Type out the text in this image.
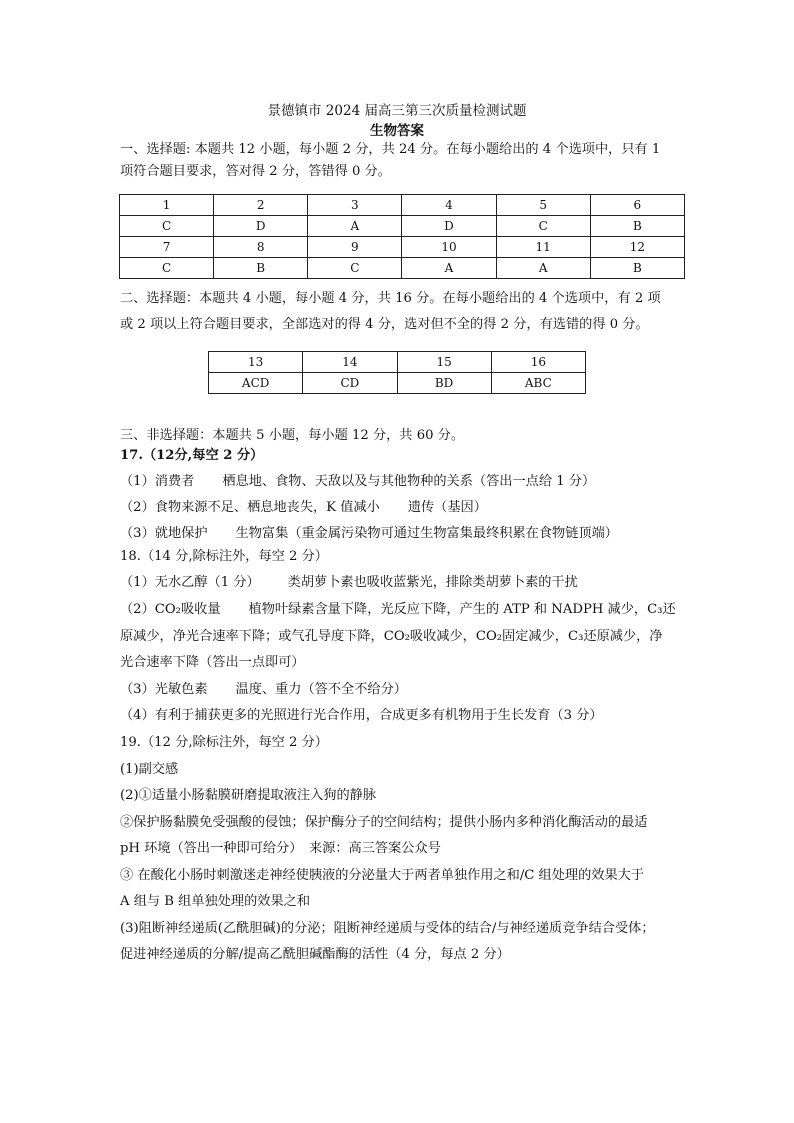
景德镇市 2024 届高三第三次质量检测试题
生物答案
一、选择题: 本题共 12 小题，每小题 2 分，共 24 分。在每小题给出的 4 个选项中，只有 1
项符合题目要求，答对得 2 分，答错得 0 分。
1	2	3	4	5	6
C	D	A	D	C	B
7	8	9	10	11	12
C	B	C	A	A	B
二、选择题：本题共 4 小题，每小题 4 分，共 16 分。在每小题给出的 4 个选项中，有 2 项
或 2 项以上符合题目要求，全部选对的得 4 分，选对但不全的得 2 分，有选错的得 0 分。
13	14	15	16
ACD	CD	BD	ABC
三、非选择题：本题共 5 小题，每小题 12 分，共 60 分。
17.（12分,每空 2 分）
（1）消费者 栖息地、食物、天敌以及与其他物种的关系（答出一点给 1 分）
（2）食物来源不足、栖息地丧失，K 值减小 遗传（基因）
（3）就地保护 生物富集（重金属污染物可通过生物富集最终积累在食物链顶端）
18.（14 分,除标注外，每空 2 分）
（1）无水乙醇（1 分） 类胡萝卜素也吸收蓝紫光，排除类胡萝卜素的干扰
（2）CO₂吸收量 植物叶绿素含量下降，光反应下降，产生的 ATP 和 NADPH 减少，C₃还
原减少，净光合速率下降；或气孔导度下降，CO₂吸收减少，CO₂固定减少，C₃还原减少，净
光合速率下降（答出一点即可）
（3）光敏色素 温度、重力（答不全不给分）
（4）有利于捕获更多的光照进行光合作用，合成更多有机物用于生长发育（3 分）
19.（12 分,除标注外，每空 2 分）
(1)副交感
(2)①适量小肠黏膜研磨提取液注入狗的静脉
②保护肠黏膜免受强酸的侵蚀；保护酶分子的空间结构；提供小肠内多种消化酶活动的最适
pH 环境（答出一种即可给分）　来源：高三答案公众号
③ 在酸化小肠时刺激迷走神经使胰液的分泌量大于两者单独作用之和/C 组处理的效果大于
A 组与 B 组单独处理的效果之和
(3)阻断神经递质(乙酰胆碱)的分泌；阻断神经递质与受体的结合/与神经递质竞争结合受体；
促进神经递质的分解/提高乙酰胆碱酯酶的活性（4 分，每点 2 分）
